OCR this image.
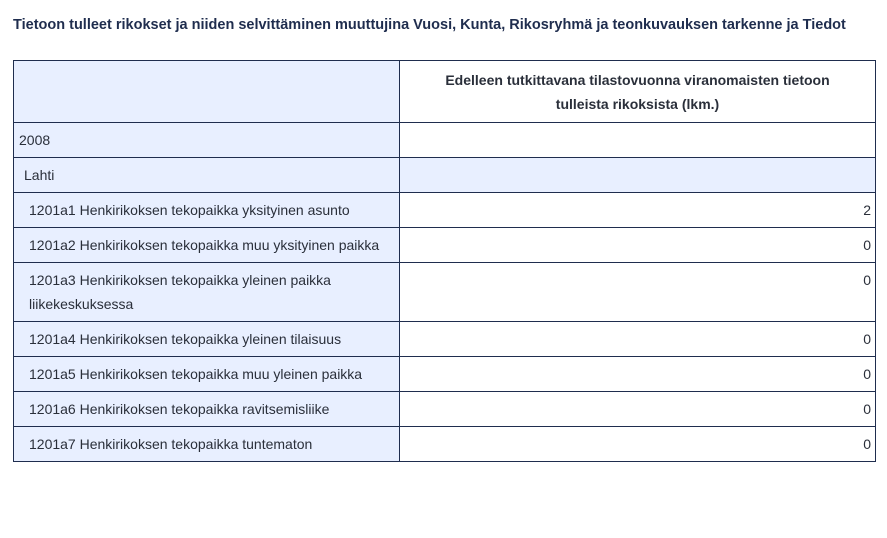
Tietoon tulleet rikokset ja niiden selvittäminen muuttujina Vuosi, Kunta, Rikosryhmä ja teonkuvauksen tarkenne ja Tiedot
	Edelleen tutkittavana tilastovuonna viranomaisten tietoon tulleista rikoksista (lkm.)
2008	
Lahti	
1201a1 Henkirikoksen tekopaikka yksityinen asunto	2
1201a2 Henkirikoksen tekopaikka muu yksityinen paikka	0
1201a3 Henkirikoksen tekopaikka yleinen paikka liikekeskuksessa	0
1201a4 Henkirikoksen tekopaikka yleinen tilaisuus	0
1201a5 Henkirikoksen tekopaikka muu yleinen paikka	0
1201a6 Henkirikoksen tekopaikka ravitsemisliike	0
1201a7 Henkirikoksen tekopaikka tuntematon	0
